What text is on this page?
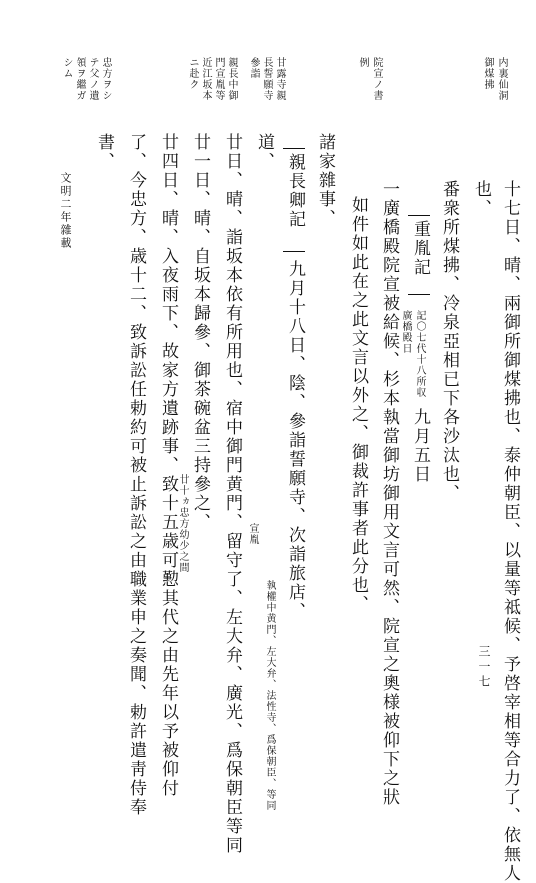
内裏仙洞
御煤拂
院宣ノ書
例
甘露寺親
長誓願寺
參詣
親長中御
門宣胤等
近江坂本
ニ赴ク
忠方ヲシ
テ父ノ遺
領ヲ繼ガ
シム
十七日、晴、兩御所御煤拂也、泰仲朝臣、以量等祗候、予啓宰相等合力了、依無人
也、
番衆所煤拂、冷泉亞相已下各沙汰也、
重胤記
記〇七代十八所収
廣橋殿日
九月五日
一廣橋殿院宣被給候、杉本執當御坊御用文言可然、院宣之奧様被仰下之狀
如件如此在之此文言以外之、御裁許事者此分也、
諸家雜事、
親長卿記
九月十八日、陰、參詣誓願寺、次詣旅店、
執權中黄門、左大弁、法性寺、爲保朝臣、等同
道、
廿日、晴、詣坂本依有所用也、宿中御門黄門、留守了、左大弁、廣光、爲保朝臣等同 宣胤
廿一日、晴、自坂本歸參、御茶碗盆三持參之、
廿四日、晴、入夜雨下、故家方遺跡事、致十五歳可懃其代之由先年以予被仰付 廿十ヵ忠方幼少之間
了、今忠方、歳十二、致訴訟任勅約可被止訴訟之由職業申之奏聞、勅許遣靑侍奉
書、
文明二年雜載
三一七
